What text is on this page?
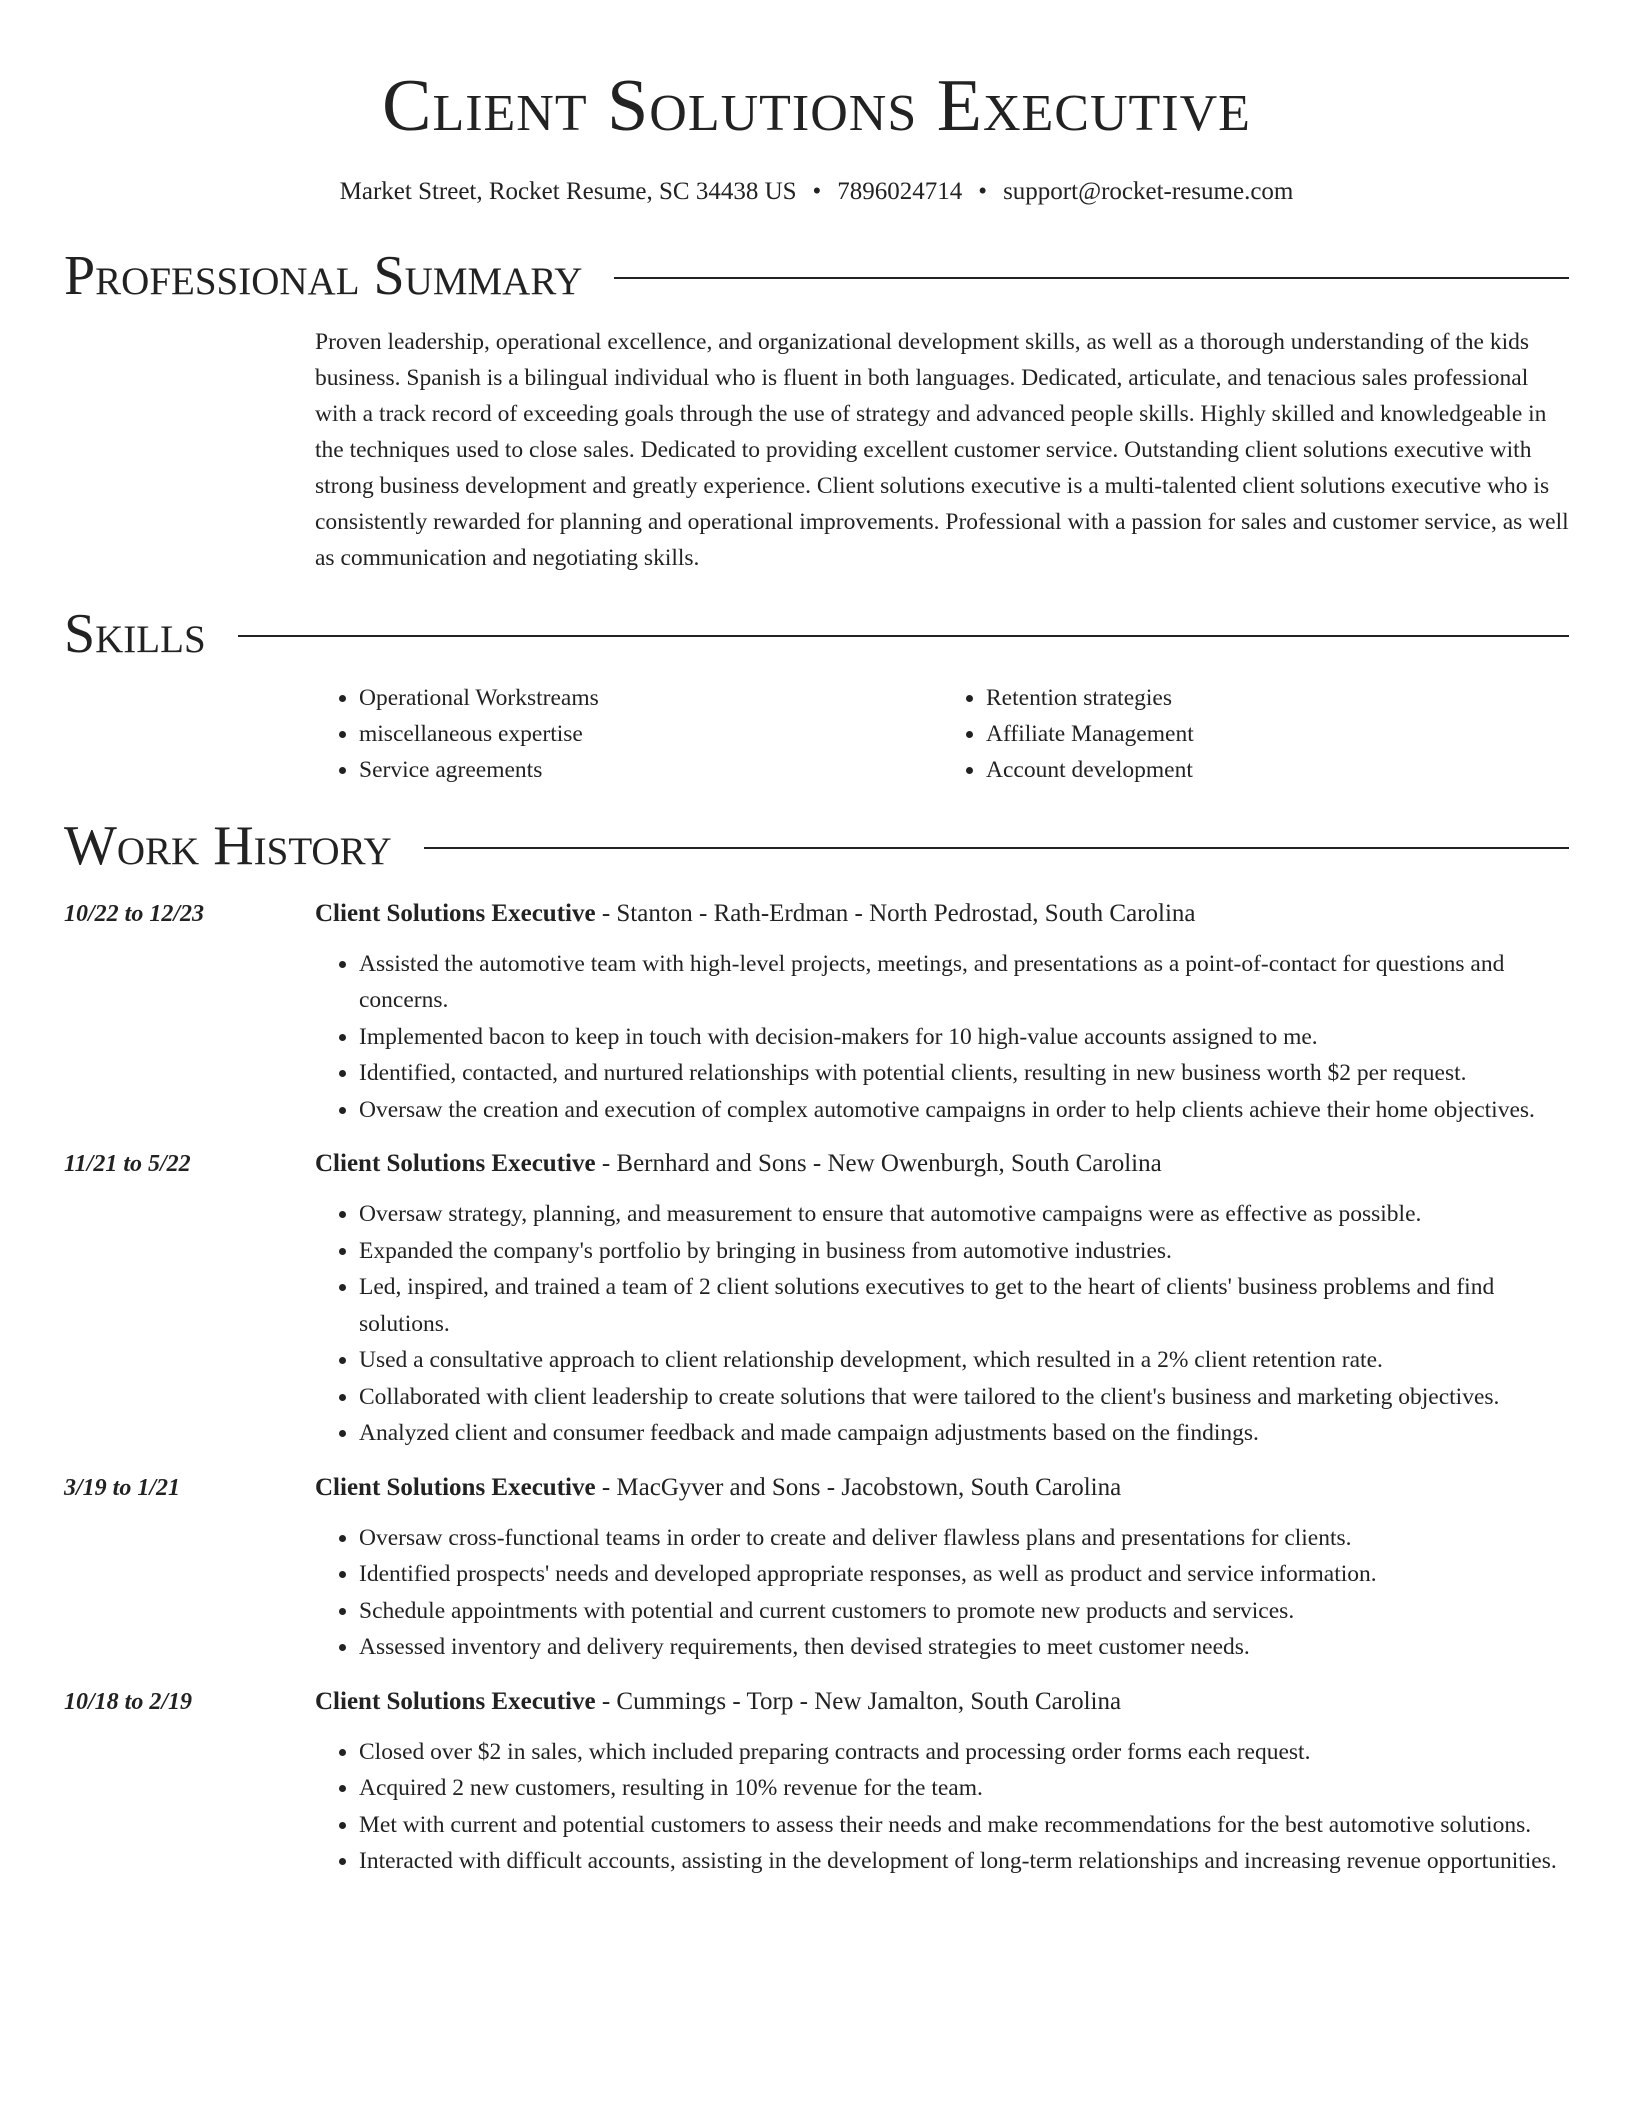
Client Solutions Executive
Market Street, Rocket Resume, SC 34438 US • 7896024714 • support@rocket-resume.com
Professional Summary

Proven leadership, operational excellence, and organizational development skills, as well as a thorough understanding of the kids business. Spanish is a bilingual individual who is fluent in both languages. Dedicated, articulate, and tenacious sales professional with a track record of exceeding goals through the use of strategy and advanced people skills. Highly skilled and knowledgeable in the techniques used to close sales. Dedicated to providing excellent customer service. Outstanding client solutions executive with strong business development and greatly experience. Client solutions executive is a multi-talented client solutions executive who is consistently rewarded for planning and operational improvements. Professional with a passion for sales and customer service, as well as communication and negotiating skills.

Skills
• Operational Workstreams
• miscellaneous expertise
• Service agreements
• Retention strategies
• Affiliate Management
• Account development
Work History
10/22 to 12/23	Client Solutions Executive - Stanton - Rath-Erdman - North Pedrostad, South Carolina
• Assisted the automotive team with high-level projects, meetings, and presentations as a point-of-contact for questions and concerns.
• Implemented bacon to keep in touch with decision-makers for 10 high-value accounts assigned to me.
• Identified, contacted, and nurtured relationships with potential clients, resulting in new business worth $2 per request.
• Oversaw the creation and execution of complex automotive campaigns in order to help clients achieve their home objectives.
11/21 to 5/22	Client Solutions Executive - Bernhard and Sons - New Owenburgh, South Carolina
• Oversaw strategy, planning, and measurement to ensure that automotive campaigns were as effective as possible.
• Expanded the company's portfolio by bringing in business from automotive industries.
• Led, inspired, and trained a team of 2 client solutions executives to get to the heart of clients' business problems and find solutions.
• Used a consultative approach to client relationship development, which resulted in a 2% client retention rate.
• Collaborated with client leadership to create solutions that were tailored to the client's business and marketing objectives.
• Analyzed client and consumer feedback and made campaign adjustments based on the findings.
3/19 to 1/21	Client Solutions Executive - MacGyver and Sons - Jacobstown, South Carolina
• Oversaw cross-functional teams in order to create and deliver flawless plans and presentations for clients.
• Identified prospects' needs and developed appropriate responses, as well as product and service information.
• Schedule appointments with potential and current customers to promote new products and services.
• Assessed inventory and delivery requirements, then devised strategies to meet customer needs.
10/18 to 2/19	Client Solutions Executive - Cummings - Torp - New Jamalton, South Carolina
• Closed over $2 in sales, which included preparing contracts and processing order forms each request.
• Acquired 2 new customers, resulting in 10% revenue for the team.
• Met with current and potential customers to assess their needs and make recommendations for the best automotive solutions.
• Interacted with difficult accounts, assisting in the development of long-term relationships and increasing revenue opportunities.
